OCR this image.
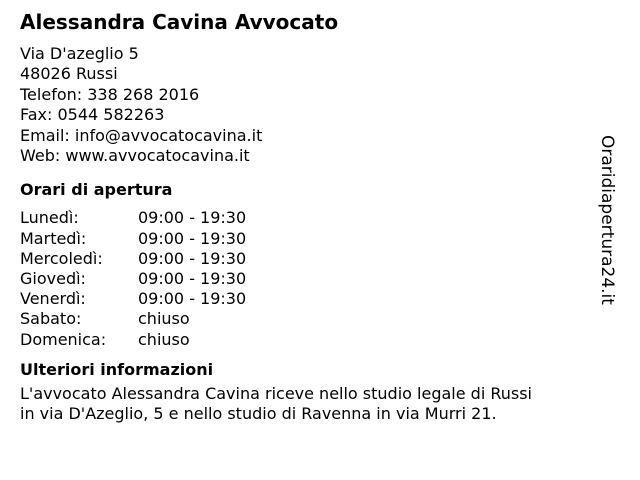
Alessandra Cavina Avvocato
Via D'azeglio 5
48026 Russi
Telefon: 338 268 2016
Fax: 0544 582263
Email: info@avvocatocavina.it
Web: www.avvocatocavina.it
Orari di apertura
Lunedì:	09:00 - 19:30
Martedì:	09:00 - 19:30
Mercoledì:	09:00 - 19:30
Giovedì:	09:00 - 19:30
Venerdì:	09:00 - 19:30
Sabato:	chiuso
Domenica:	chiuso
Ulteriori informazioni
L'avvocato Alessandra Cavina riceve nello studio legale di Russi
in via D'Azeglio, 5 e nello studio di Ravenna in via Murri 21.
Oraridiapertura24.it
